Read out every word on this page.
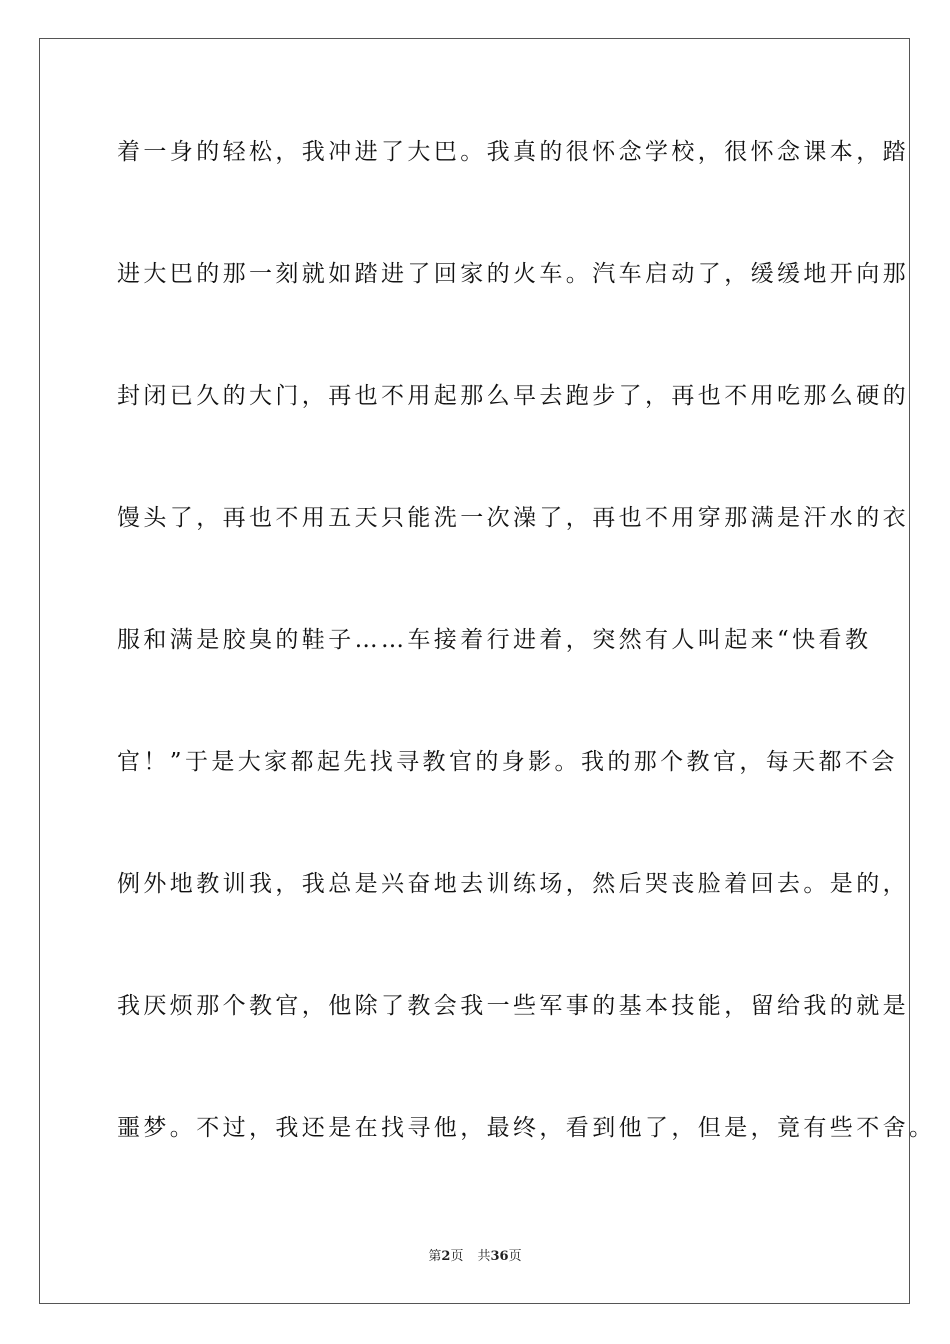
着一身的轻松，我冲进了大巴。我真的很怀念学校，很怀念课本，踏
进大巴的那一刻就如踏进了回家的火车。汽车启动了，缓缓地开向那
封闭已久的大门，再也不用起那么早去跑步了，再也不用吃那么硬的
馒头了，再也不用五天只能洗一次澡了，再也不用穿那满是汗水的衣
服和满是胶臭的鞋子……车接着行进着，突然有人叫起来“快看教
官！”于是大家都起先找寻教官的身影。我的那个教官，每天都不会
例外地教训我，我总是兴奋地去训练场，然后哭丧脸着回去。是的，
我厌烦那个教官，他除了教会我一些军事的基本技能，留给我的就是
噩梦。不过，我还是在找寻他，最终，看到他了，但是，竟有些不舍。
第2页 共36页
